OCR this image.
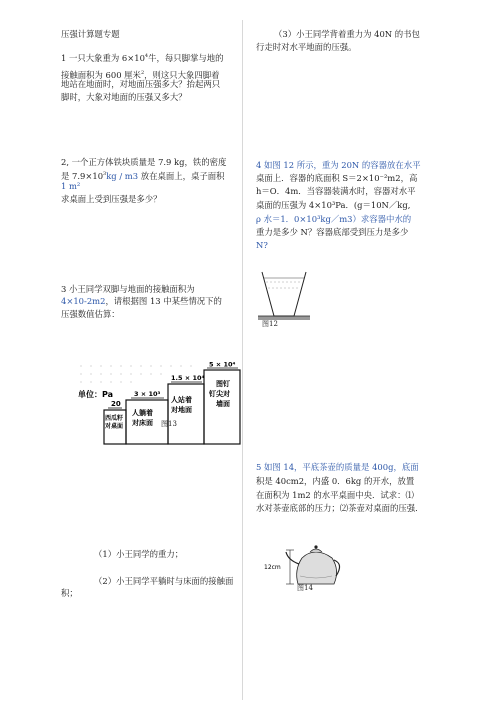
压强计算题专题
1 一只大象重为 $6\times 10^4$牛，每只脚掌与地的
接触面积为 600 厘米$^2$，则这只大象四脚着
地站在地面时，对地面压强多大？抬起两只
脚时，大象对地面的压强又多大？
2, 一个正方体铁块质量是 7.9 kg，铁的密度
是 $7.9\times 10^3kg / m3$ 放在桌面上，桌子面积
1 m²
求桌面上受到压强是多少？
3 小王同学双脚与地面的接触面积为
4×10-2m2，请根据图 13 中某些情况下的
压强数值估算：
单位：Pa
20
3 × 10³
1.5 × 10⁴
5 × 10⁴
西瓜籽
对桌面
人躺着
对床面
人站着
对地面
图钉
钉尖对
墙面
图13
（1）小王同学的重力；
（2）小王同学平躺时与床面的接触面
积；
（3）小王同学背着重力为 40N 的书包
行走时对水平地面的压强。
4 如图 12 所示，重为 20N 的容器放在水平
桌面上．容器的底面积 S＝2×10⁻²m2，高
h＝O．4m．当容器装满水时，容器对水平
桌面的压强为 4×10³Pa．(g＝10N／kg,
ρ 水＝1．0×10³kg／m3）求容器中水的
重力是多少 N？容器底部受到压力是多少
N?
图12
5 如图 14，平底茶壶的质量是 400g，底面
积是 40cm2，内盛 0．6kg 的开水，放置
在面积为 1m2 的水平桌面中央．试求：⑴
水对茶壶底部的压力；⑵茶壶对桌面的压强．
12cm
图14
